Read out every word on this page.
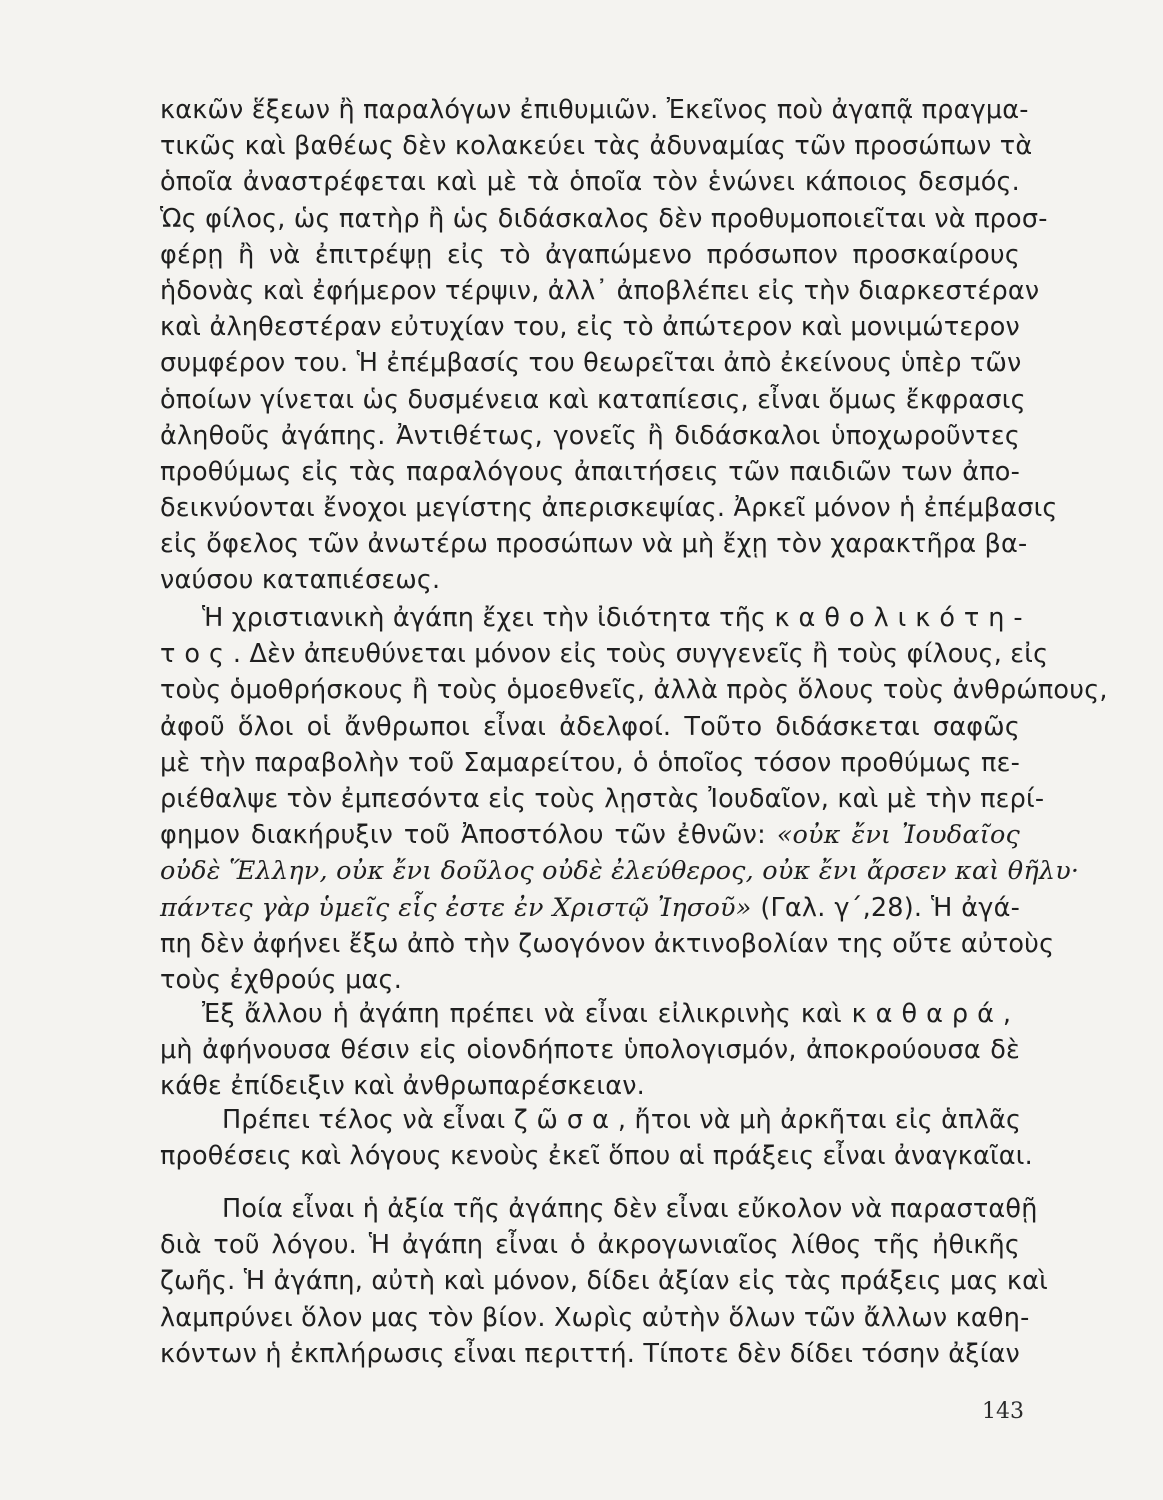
κακῶν ἕξεων ἢ παραλόγων ἐπιθυμιῶν. Ἐκεῖνος ποὺ ἀγαπᾷ πραγμα-
τικῶς καὶ βαθέως δὲν κολακεύει τὰς ἀδυναμίας τῶν προσώπων τὰ
ὁποῖα ἀναστρέφεται καὶ μὲ τὰ ὁποῖα τὸν ἑνώνει κάποιος δεσμός.
Ὡς φίλος, ὡς πατὴρ ἢ ὡς διδάσκαλος δὲν προθυμοποιεῖται νὰ προσ-
φέρῃ ἢ νὰ ἐπιτρέψῃ εἰς τὸ ἀγαπώμενο πρόσωπον προσκαίρους
ἡδονὰς καὶ ἐφήμερον τέρψιν, ἀλλ᾽ ἀποβλέπει εἰς τὴν διαρκεστέραν
καὶ ἀληθεστέραν εὐτυχίαν του, εἰς τὸ ἀπώτερον καὶ μονιμώτερον
συμφέρον του. Ἡ ἐπέμβασίς του θεωρεῖται ἀπὸ ἐκείνους ὑπὲρ τῶν
ὁποίων γίνεται ὡς δυσμένεια καὶ καταπίεσις, εἶναι ὅμως ἔκφρασις
ἀληθοῦς ἀγάπης. Ἀντιθέτως, γονεῖς ἢ διδάσκαλοι ὑποχωροῦντες
προθύμως εἰς τὰς παραλόγους ἀπαιτήσεις τῶν παιδιῶν των ἀπο-
δεικνύονται ἔνοχοι μεγίστης ἀπερισκεψίας. Ἀρκεῖ μόνον ἡ ἐπέμβασις
εἰς ὄφελος τῶν ἀνωτέρω προσώπων νὰ μὴ ἔχῃ τὸν χαρακτῆρα βα-
ναύσου καταπιέσεως.
Ἡ χριστιανικὴ ἀγάπη ἔχει τὴν ἰδιότητα τῆς καθολικότη-
τος. Δὲν ἀπευθύνεται μόνον εἰς τοὺς συγγενεῖς ἢ τοὺς φίλους, εἰς
τοὺς ὁμοθρήσκους ἢ τοὺς ὁμοεθνεῖς, ἀλλὰ πρὸς ὅλους τοὺς ἀνθρώπους,
ἀφοῦ ὅλοι οἱ ἄνθρωποι εἶναι ἀδελφοί. Τοῦτο διδάσκεται σαφῶς
μὲ τὴν παραβολὴν τοῦ Σαμαρείτου, ὁ ὁποῖος τόσον προθύμως πε-
ριέθαλψε τὸν ἐμπεσόντα εἰς τοὺς λῃστὰς Ἰουδαῖον, καὶ μὲ τὴν περί-
φημον διακήρυξιν τοῦ Ἀποστόλου τῶν ἐθνῶν: «οὐκ ἔνι Ἰουδαῖος
οὐδὲ Ἕλλην, οὐκ ἔνι δοῦλος οὐδὲ ἐλεύθερος, οὐκ ἔνι ἄρσεν καὶ θῆλυ·
πάντες γὰρ ὑμεῖς εἷς ἐστε ἐν Χριστῷ Ἰησοῦ» (Γαλ. γ΄,28). Ἡ ἀγά-
πη δὲν ἀφήνει ἔξω ἀπὸ τὴν ζωογόνον ἀκτινοβολίαν της οὔτε αὐτοὺς
τοὺς ἐχθρούς μας.
Ἐξ ἄλλου ἡ ἀγάπη πρέπει νὰ εἶναι εἰλικρινὴς καὶ καθαρά,
μὴ ἀφήνουσα θέσιν εἰς οἱονδήποτε ὑπολογισμόν, ἀποκρούουσα δὲ
κάθε ἐπίδειξιν καὶ ἀνθρωπαρέσκειαν.
Πρέπει τέλος νὰ εἶναι ζῶσα, ἤτοι νὰ μὴ ἀρκῆται εἰς ἁπλᾶς
προθέσεις καὶ λόγους κενοὺς ἐκεῖ ὅπου αἱ πράξεις εἶναι ἀναγκαῖαι.
Ποία εἶναι ἡ ἀξία τῆς ἀγάπης δὲν εἶναι εὔκολον νὰ παρασταθῇ
διὰ τοῦ λόγου. Ἡ ἀγάπη εἶναι ὁ ἀκρογωνιαῖος λίθος τῆς ἠθικῆς
ζωῆς. Ἡ ἀγάπη, αὐτὴ καὶ μόνον, δίδει ἀξίαν εἰς τὰς πράξεις μας καὶ
λαμπρύνει ὅλον μας τὸν βίον. Χωρὶς αὐτὴν ὅλων τῶν ἄλλων καθη-
κόντων ἡ ἐκπλήρωσις εἶναι περιττή. Τίποτε δὲν δίδει τόσην ἀξίαν
143
